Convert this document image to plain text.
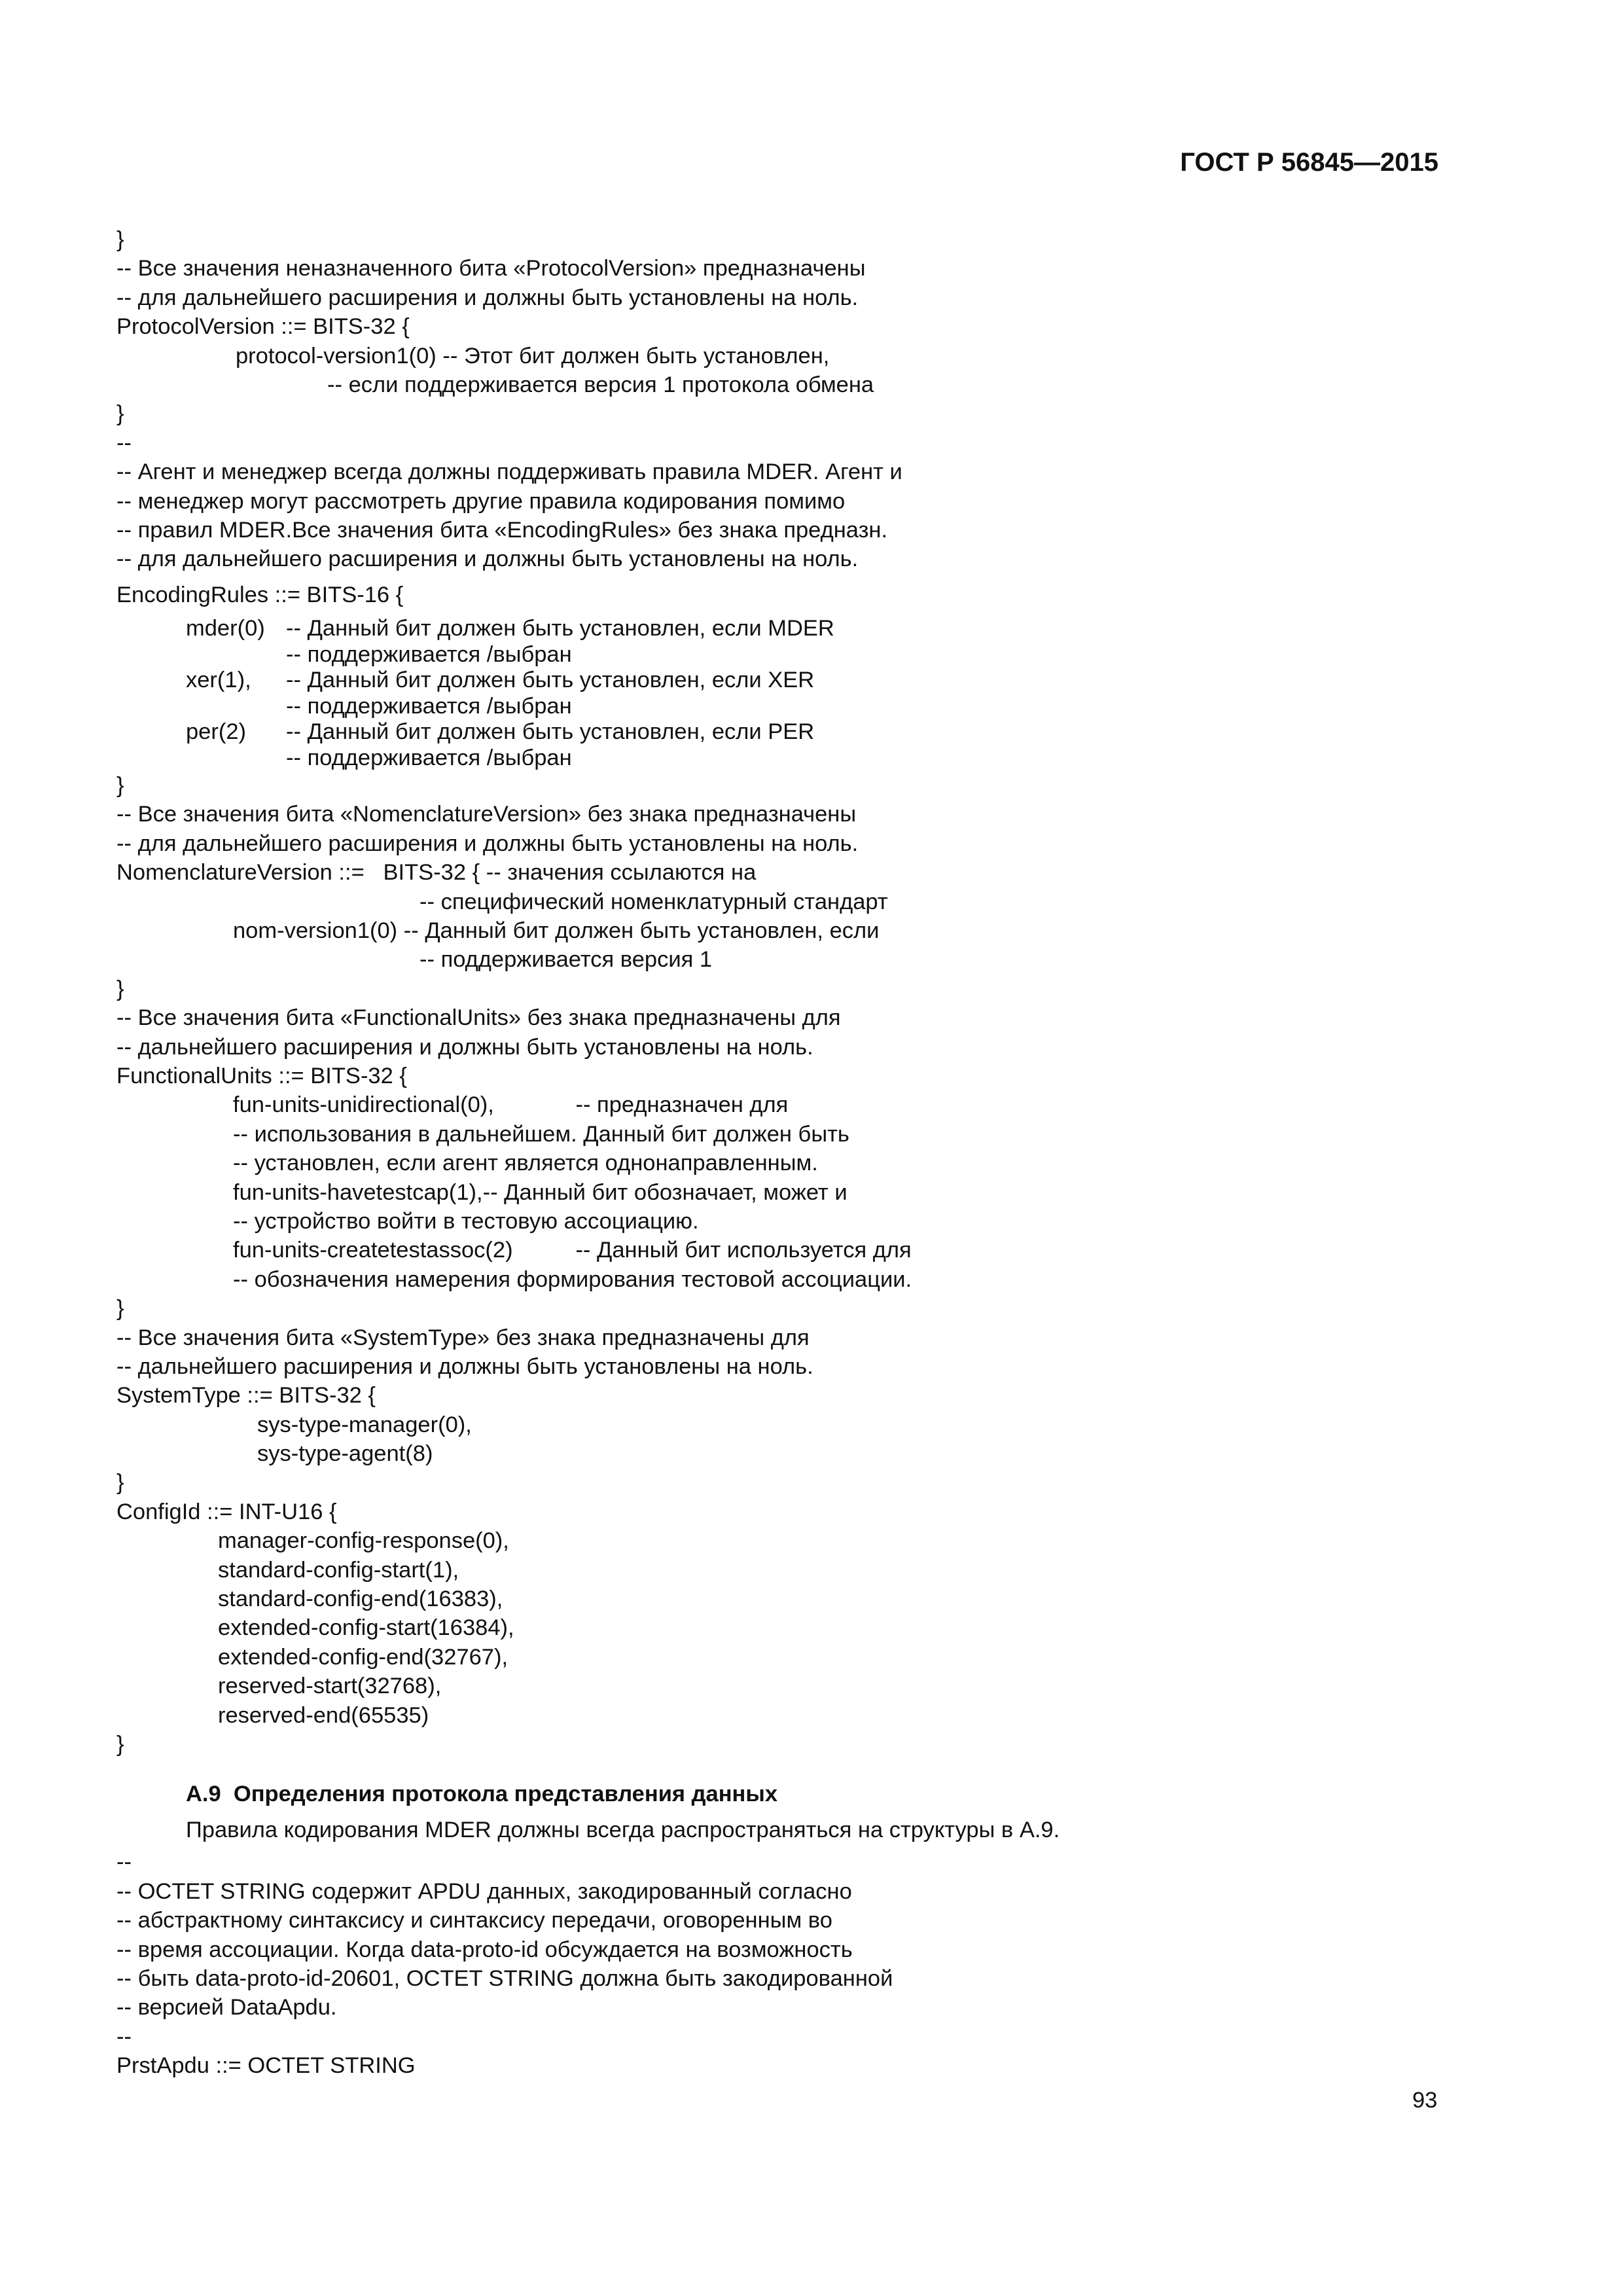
ГОСТ Р 56845—2015
}
-- Все значения неназначенного бита «ProtocolVersion» предназначены
-- для дальнейшего расширения и должны быть установлены на ноль.
ProtocolVersion ::= BITS-32 {
protocol-version1(0) -- Этот бит должен быть установлен,
-- если поддерживается версия 1 протокола обмена
}
--
-- Агент и менеджер всегда должны поддерживать правила MDER. Агент и
-- менеджер могут рассмотреть другие правила кодирования помимо
-- правил MDER.Все значения бита «EncodingRules» без знака предназн.
-- для дальнейшего расширения и должны быть установлены на ноль.
EncodingRules ::= BITS-16 {
mder(0) -- Данный бит должен быть установлен, если MDER
-- поддерживается /выбран
xer(1), -- Данный бит должен быть установлен, если XER
-- поддерживается /выбран
per(2) -- Данный бит должен быть установлен, если PER
-- поддерживается /выбран
}
-- Все значения бита «NomenclatureVersion» без знака предназначены
-- для дальнейшего расширения и должны быть установлены на ноль.
NomenclatureVersion ::=   BITS-32 { -- значения ссылаются на
-- специфический номенклатурный стандарт
nom-version1(0) -- Данный бит должен быть установлен, если
-- поддерживается версия 1
}
-- Все значения бита «FunctionalUnits» без знака предназначены для
-- дальнейшего расширения и должны быть установлены на ноль.
FunctionalUnits ::= BITS-32 {
fun-units-unidirectional(0),             -- предназначен для
-- использования в дальнейшем. Данный бит должен быть
-- установлен, если агент является однонаправленным.
fun-units-havetestcap(1),-- Данный бит обозначает, может и
-- устройство войти в тестовую ассоциацию.
fun-units-createtestassoc(2)          -- Данный бит используется для
-- обозначения намерения формирования тестовой ассоциации.
}
-- Все значения бита «SystemType» без знака предназначены для
-- дальнейшего расширения и должны быть установлены на ноль.
SystemType ::= BITS-32 {
sys-type-manager(0),
sys-type-agent(8)
}
ConfigId ::= INT-U16 {
manager-config-response(0),
standard-config-start(1),
standard-config-end(16383),
extended-config-start(16384),
extended-config-end(32767),
reserved-start(32768),
reserved-end(65535)
}
А.9  Определения протокола представления данных
Правила кодирования MDER должны всегда распространяться на структуры в А.9.
--
-- OCTET STRING содержит APDU данных, закодированный согласно
-- абстрактному синтаксису и синтаксису передачи, оговоренным во
-- время ассоциации. Когда data-proto-id обсуждается на возможность
-- быть data-proto-id-20601, OCTET STRING должна быть закодированной
-- версией DataApdu.
--
PrstApdu ::= OCTET STRING
93
